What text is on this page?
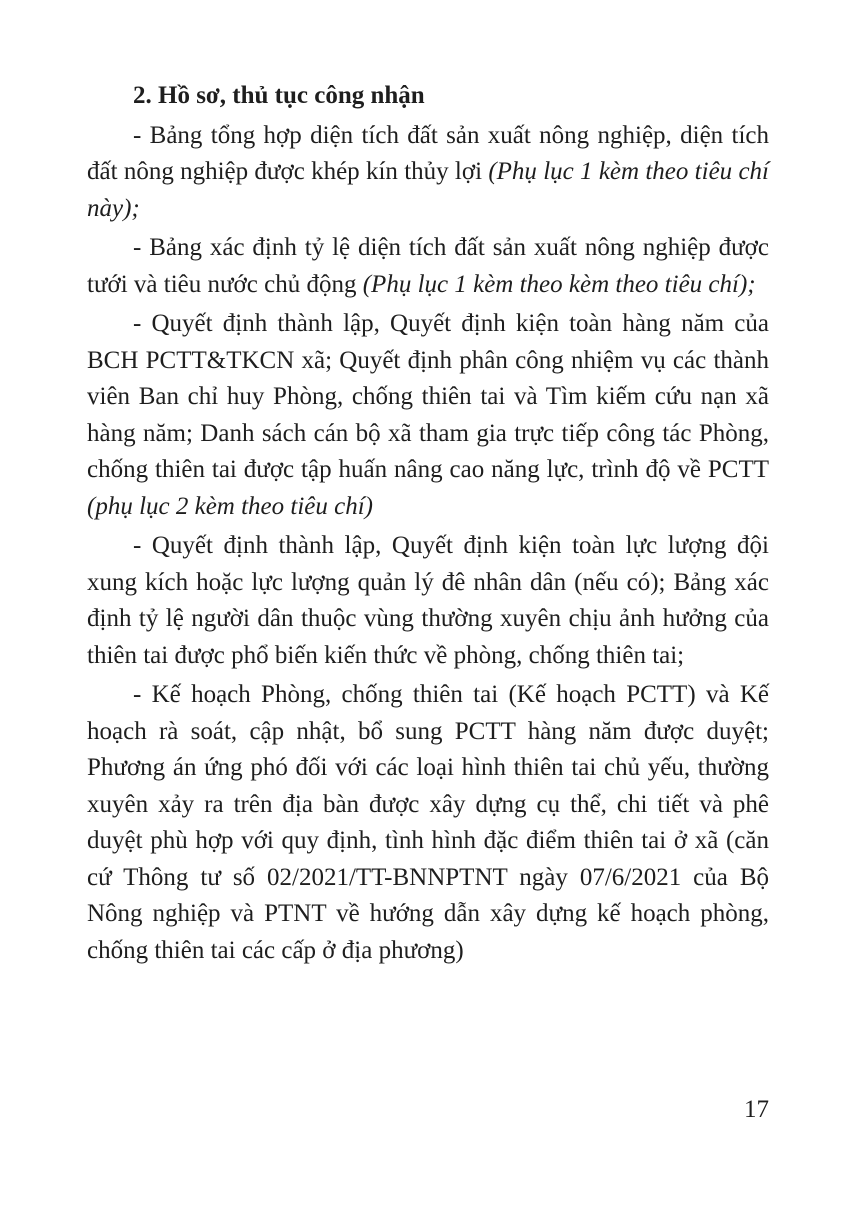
2. Hồ sơ, thủ tục công nhận

- Bảng tổng hợp diện tích đất sản xuất nông nghiệp, diện tích đất nông nghiệp được khép kín thủy lợi (Phụ lục 1 kèm theo tiêu chí này);

- Bảng xác định tỷ lệ diện tích đất sản xuất nông nghiệp được tưới và tiêu nước chủ động (Phụ lục 1 kèm theo kèm theo tiêu chí);

- Quyết định thành lập, Quyết định kiện toàn hàng năm của BCH PCTT&TKCN xã; Quyết định phân công nhiệm vụ các thành viên Ban chỉ huy Phòng, chống thiên tai và Tìm kiếm cứu nạn xã hàng năm; Danh sách cán bộ xã tham gia trực tiếp công tác Phòng, chống thiên tai được tập huấn nâng cao năng lực, trình độ về PCTT (phụ lục 2 kèm theo tiêu chí)

- Quyết định thành lập, Quyết định kiện toàn lực lượng đội xung kích hoặc lực lượng quản lý đê nhân dân (nếu có); Bảng xác định tỷ lệ người dân thuộc vùng thường xuyên chịu ảnh hưởng của thiên tai được phổ biến kiến thức về phòng, chống thiên tai;

- Kế hoạch Phòng, chống thiên tai (Kế hoạch PCTT) và Kế hoạch rà soát, cập nhật, bổ sung PCTT hàng năm được duyệt; Phương án ứng phó đối với các loại hình thiên tai chủ yếu, thường xuyên xảy ra trên địa bàn được xây dựng cụ thể, chi tiết và phê duyệt phù hợp với quy định, tình hình đặc điểm thiên tai ở xã (căn cứ Thông tư số 02/2021/TT-BNNPTNT ngày 07/6/2021 của Bộ Nông nghiệp và PTNT về hướng dẫn xây dựng kế hoạch phòng, chống thiên tai các cấp ở địa phương)

17
